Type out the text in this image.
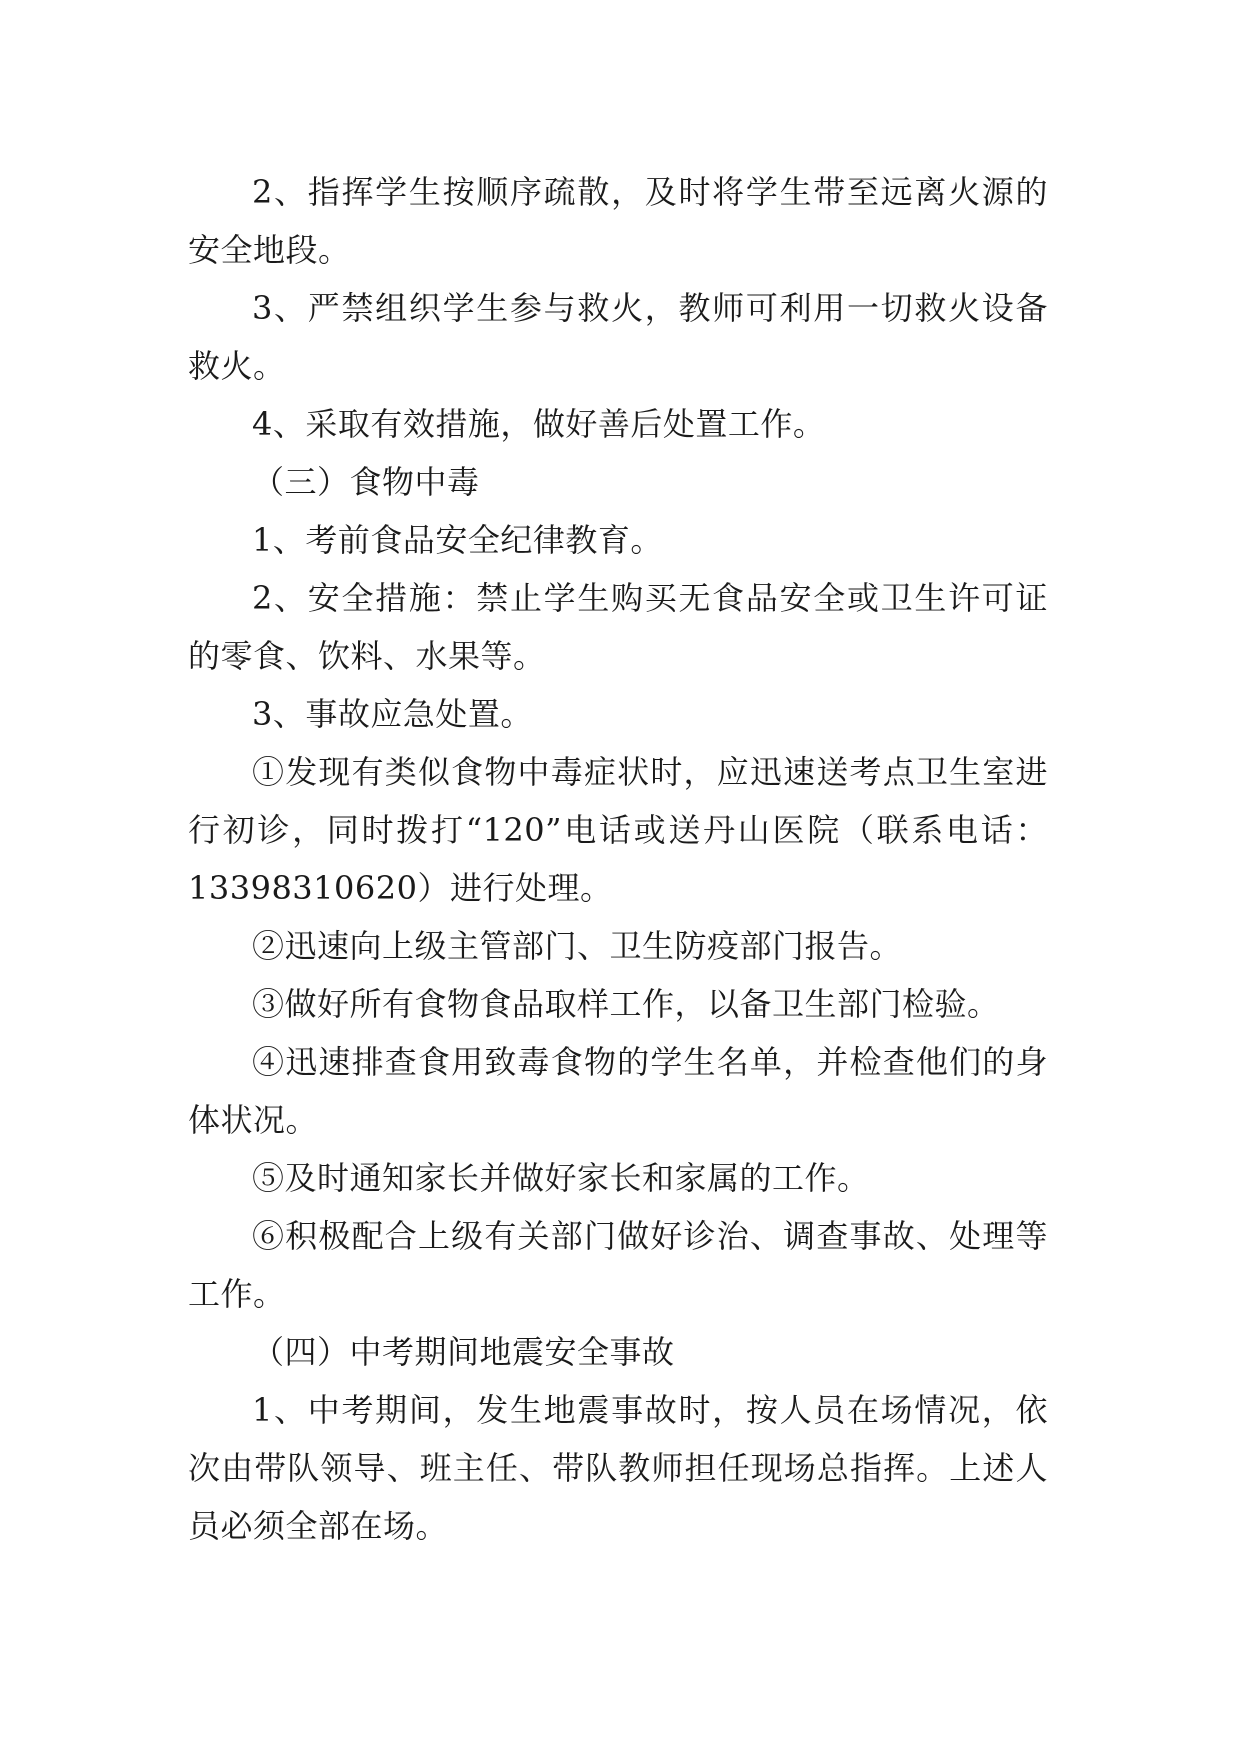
2、指挥学生按顺序疏散，及时将学生带至远离火源的安全地段。

3、严禁组织学生参与救火，教师可利用一切救火设备救火。

4、采取有效措施，做好善后处置工作。

（三）食物中毒

1、考前食品安全纪律教育。

2、安全措施：禁止学生购买无食品安全或卫生许可证的零食、饮料、水果等。

3、事故应急处置。

①发现有类似食物中毒症状时，应迅速送考点卫生室进行初诊，同时拨打“120”电话或送丹山医院（联系电话：13398310620）进行处理。

②迅速向上级主管部门、卫生防疫部门报告。

③做好所有食物食品取样工作，以备卫生部门检验。

④迅速排查食用致毒食物的学生名单，并检查他们的身体状况。

⑤及时通知家长并做好家长和家属的工作。

⑥积极配合上级有关部门做好诊治、调查事故、处理等工作。

（四）中考期间地震安全事故

1、中考期间，发生地震事故时，按人员在场情况，依次由带队领导、班主任、带队教师担任现场总指挥。上述人员必须全部在场。
